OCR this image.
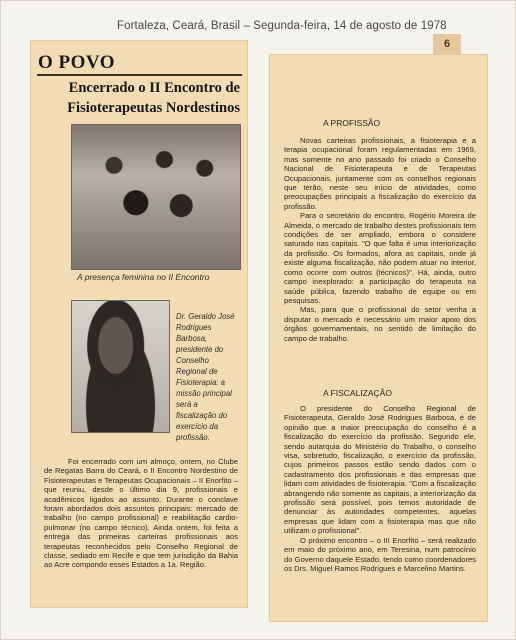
Fortaleza, Ceará, Brasil – Segunda-feira, 14 de agosto de 1978
6
O POVO
Encerrado o II Encontro de
Fisioterapeutas Nordestinos
A presença feminina no II Encontro
Dr. Geraldo José Rodrigues Barbosa, presidente do Conselho Regional de Fisioterapia: a missão principal será a fiscalização do exercício da profissão.
Foi encerrado com um almoço, ontem, no Clube de Regatas Barra do Ceará, o II Encontro Nordestino de Fisioterapeutas e Terapeutas Ocupacionais – II Enorfito – que reuniu, desde o último dia 9, profissionais e acadêmicos ligados ao assunto. Durante o conclave foram abordados dois assuntos principais: mercado de trabalho (no campo profissional) e reabilitação cardio-pulmonar (no campo técnico). Ainda ontem, foi feita a entrega das primeiras carteiras profissionais aos terapeutas reconhecidos pelo Conselho Regional de classe, sediado em Recife e que tem jurisdição da Bahia ao Acre compondo esses Estados a 1a. Região.
A PROFISSÃO

Novas carteiras profissionais, a fisioterapia e a terapia ocupacional foram regulamentadas em 1969, mas somente no ano passado foi criado o Conselho Nacional de Fisioterapeuta e de Terapeutas Ocupacionais, juntamente com os conselhos regionais que terão, neste seu início de atividades, como preocupações principais a fiscalização do exercício da profissão.

Para o secretário do encontro, Rogério Moreira de Almeida, o mercado de trabalho destes profissionais tem condições de ser ampliado, embora o considere saturado nas capitais. "O que falta é uma interiorização da profissão. Os formados, afora as capitais, onde já existe alguma fiscalização, não podem atuar no interior, como ocorre com outros (técnicos)". Há, ainda, outro campo inexplorado: a participação do terapeuta na saúde pública, fazendo trabalho de equipe ou em pesquisas.

Mas, para que o profissional do setor venha a disputar o mercado é necessário um maior apoio dos órgãos governamentais, no sentido de limitação do campo de trabalho.

A FISCALIZAÇÃO

O presidente do Conselho Regional de Fisioterapeuta, Geraldo José Rodrigues Barbosa, é de opinião que a maior preocupação do conselho é a fiscalização do exercício da profissão. Segundo ele, sendo autarquia do Ministério do Trabalho, o conselho visa, sobretudo, fiscalização, o exercício da profissão, cujos primeiros passos estão sendo dados com o cadastramento dos profissionais e das empresas que lidam com atividades de fisioterapia. "Com a fiscalização abrangendo não somente as capitais, a interiorização da profissão será possível, pois temos autoridade de denunciar às autoridades competentes, aquelas empresas que lidam com a fisioterapia mas que não utilizam o profissional".

O próximo encontro – o III Enorfito – será realizado em maio do próximo ano, em Teresina, num patrocínio do Governo daquele Estado, tendo como coordenadores os Drs. Miguel Ramos Rodrigues e Marcelino Martins.
